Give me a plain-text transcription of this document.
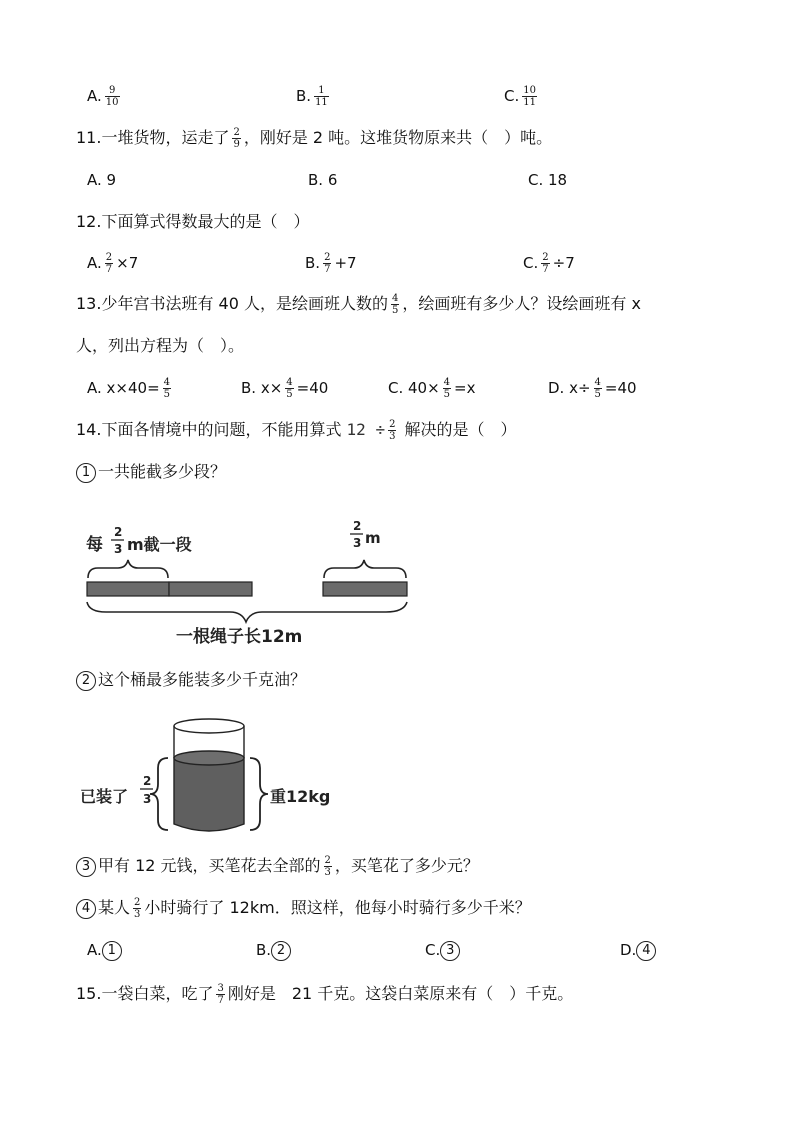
A. $\frac{9}{10}$	B. $\frac{1}{11}$	C. $\frac{10}{11}$
11.一堆货物，运走了 $\frac{2}{9}$ ，刚好是 2 吨。这堆货物原来共（　）吨。
A. 9	B. 6	C. 18
12.下面算式得数最大的是（　）
A. $\frac{2}{7} \times 7$	B. $\frac{2}{7} +7$	C. $\frac{2}{7} \div 7$
13.少年宫书法班有 40 人，是绘画班人数的 $\frac{4}{5}$ ，绘画班有多少人？设绘画班有 x
人，列出方程为（　）。
A. $x\times 40= \frac{4}{5}$	B. $x\times \frac{4}{5} =40$	C. $40\times \frac{4}{5} =x$	D. $x\div \frac{4}{5} =40$
14.下面各情境中的问题，不能用算式 $12 \div \frac{2}{3}$ 解决的是（　）
1 一共能截多少段？
每
2
3 m截一段
2
3 m
一根绳子长12m
2 这个桶最多能装多少千克油？
已装了
2
3	重12kg
3 甲有 12 元钱，买笔花去全部的 $\frac{2}{3}$ ，买笔花了多少元？
4 某人 $\frac{2}{3}$ 小时骑行了 12km．照这样，他每小时骑行多少千米？
A. 1	B. 2	C. 3	D. 4
15.一袋白菜，吃了 $\frac{3}{7}$ 刚好是　21 千克。这袋白菜原来有（　）千克。
